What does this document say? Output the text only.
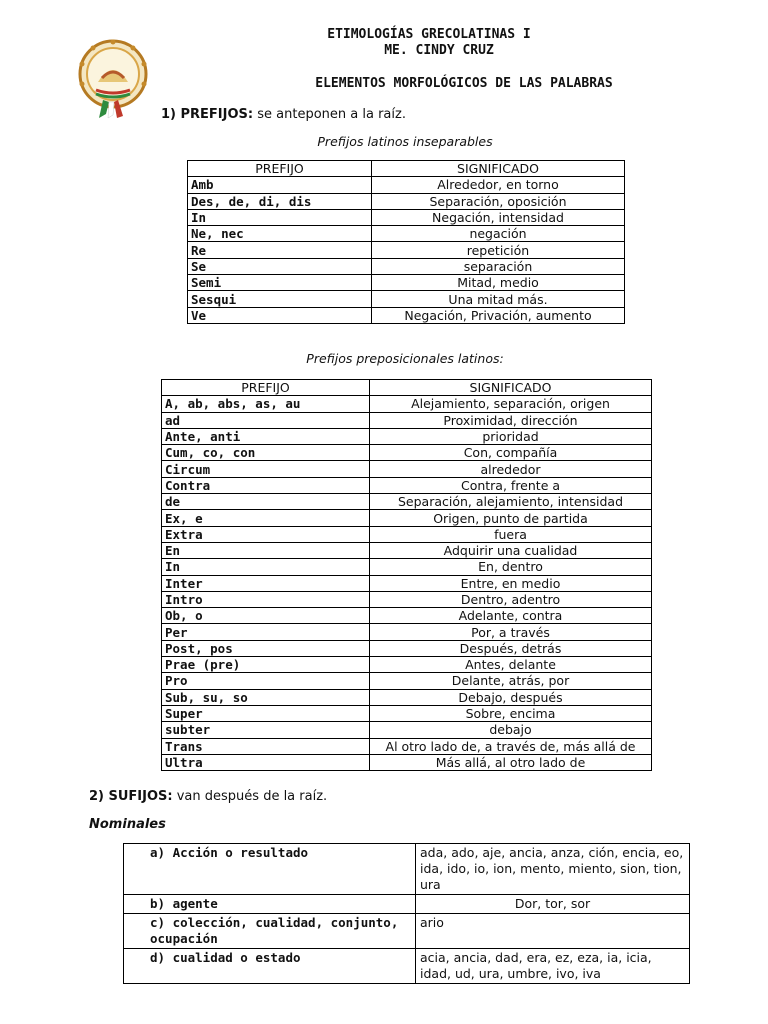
ETIMOLOGÍAS GRECOLATINAS I
ME. CINDY CRUZ
ELEMENTOS MORFOLÓGICOS DE LAS PALABRAS
1) PREFIJOS: se anteponen a la raíz.
Prefijos latinos inseparables
PREFIJO	SIGNIFICADO
Amb	Alrededor, en torno
Des, de, di, dis	Separación, oposición
In	Negación, intensidad
Ne, nec	negación
Re	repetición
Se	separación
Semi	Mitad, medio
Sesqui	Una mitad más.
Ve	Negación, Privación, aumento
Prefijos preposicionales latinos:
PREFIJO	SIGNIFICADO
A, ab, abs, as, au	Alejamiento, separación, origen
ad	Proximidad, dirección
Ante, anti	prioridad
Cum, co, con	Con, compañía
Circum	alrededor
Contra	Contra, frente a
de	Separación, alejamiento, intensidad
Ex, e	Origen, punto de partida
Extra	fuera
En	Adquirir una cualidad
In	En, dentro
Inter	Entre, en medio
Intro	Dentro, adentro
Ob, o	Adelante, contra
Per	Por, a través
Post, pos	Después, detrás
Prae (pre)	Antes, delante
Pro	Delante, atrás, por
Sub, su, so	Debajo, después
Super	Sobre, encima
subter	debajo
Trans	Al otro lado de, a través de, más allá de
Ultra	Más allá, al otro lado de
2) SUFIJOS: van después de la raíz.
Nominales
a) Acción o resultado	ada, ado, aje, ancia, anza, ción, encia, eo, ida, ido, io, ion, mento, miento, sion, tion, ura
b) agente	Dor, tor, sor
c) colección, cualidad, conjunto, ocupación	ario
d) cualidad o estado	acia, ancia, dad, era, ez, eza, ia, icia, idad, ud, ura, umbre, ivo, iva
